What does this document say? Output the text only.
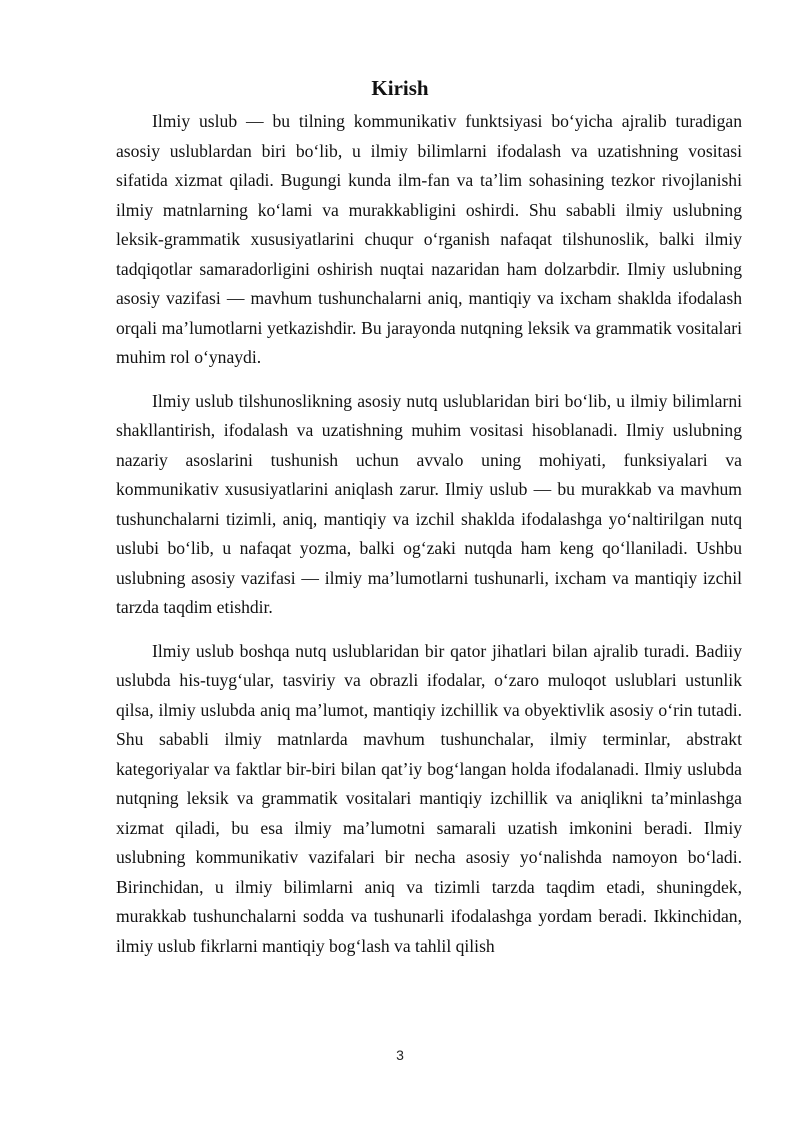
Kirish

Ilmiy uslub — bu tilning kommunikativ funktsiyasi bo‘yicha ajralib turadigan asosiy uslublardan biri bo‘lib, u ilmiy bilimlarni ifodalash va uzatishning vositasi sifatida xizmat qiladi. Bugungi kunda ilm-fan va ta’lim sohasining tezkor rivojlanishi ilmiy matnlarning ko‘lami va murakkabligini oshirdi. Shu sababli ilmiy uslubning leksik-grammatik xususiyatlarini chuqur o‘rganish nafaqat tilshunoslik, balki ilmiy tadqiqotlar samaradorligini oshirish nuqtai nazaridan ham dolzarbdir. Ilmiy uslubning asosiy vazifasi — mavhum tushunchalarni aniq, mantiqiy va ixcham shaklda ifodalash orqali ma’lumotlarni yetkazishdir. Bu jarayonda nutqning leksik va grammatik vositalari muhim rol o‘ynaydi.

Ilmiy uslub tilshunoslikning asosiy nutq uslublaridan biri bo‘lib, u ilmiy bilimlarni shakllantirish, ifodalash va uzatishning muhim vositasi hisoblanadi. Ilmiy uslubning nazariy asoslarini tushunish uchun avvalo uning mohiyati, funksiyalari va kommunikativ xususiyatlarini aniqlash zarur. Ilmiy uslub — bu murakkab va mavhum tushunchalarni tizimli, aniq, mantiqiy va izchil shaklda ifodalashga yo‘naltirilgan nutq uslubi bo‘lib, u nafaqat yozma, balki og‘zaki nutqda ham keng qo‘llaniladi. Ushbu uslubning asosiy vazifasi — ilmiy ma’lumotlarni tushunarli, ixcham va mantiqiy izchil tarzda taqdim etishdir.

Ilmiy uslub boshqa nutq uslublaridan bir qator jihatlari bilan ajralib turadi. Badiiy uslubda his-tuyg‘ular, tasviriy va obrazli ifodalar, o‘zaro muloqot uslublari ustunlik qilsa, ilmiy uslubda aniq ma’lumot, mantiqiy izchillik va obyektivlik asosiy o‘rin tutadi. Shu sababli ilmiy matnlarda mavhum tushunchalar, ilmiy terminlar, abstrakt kategoriyalar va faktlar bir-biri bilan qat’iy bog‘langan holda ifodalanadi. Ilmiy uslubda nutqning leksik va grammatik vositalari mantiqiy izchillik va aniqlikni ta’minlashga xizmat qiladi, bu esa ilmiy ma’lumotni samarali uzatish imkonini beradi. Ilmiy uslubning kommunikativ vazifalari bir necha asosiy yo‘nalishda namoyon bo‘ladi. Birinchidan, u ilmiy bilimlarni aniq va tizimli tarzda taqdim etadi, shuningdek, murakkab tushunchalarni sodda va tushunarli ifodalashga yordam beradi. Ikkinchidan, ilmiy uslub fikrlarni mantiqiy bog‘lash va tahlil qilish

3
